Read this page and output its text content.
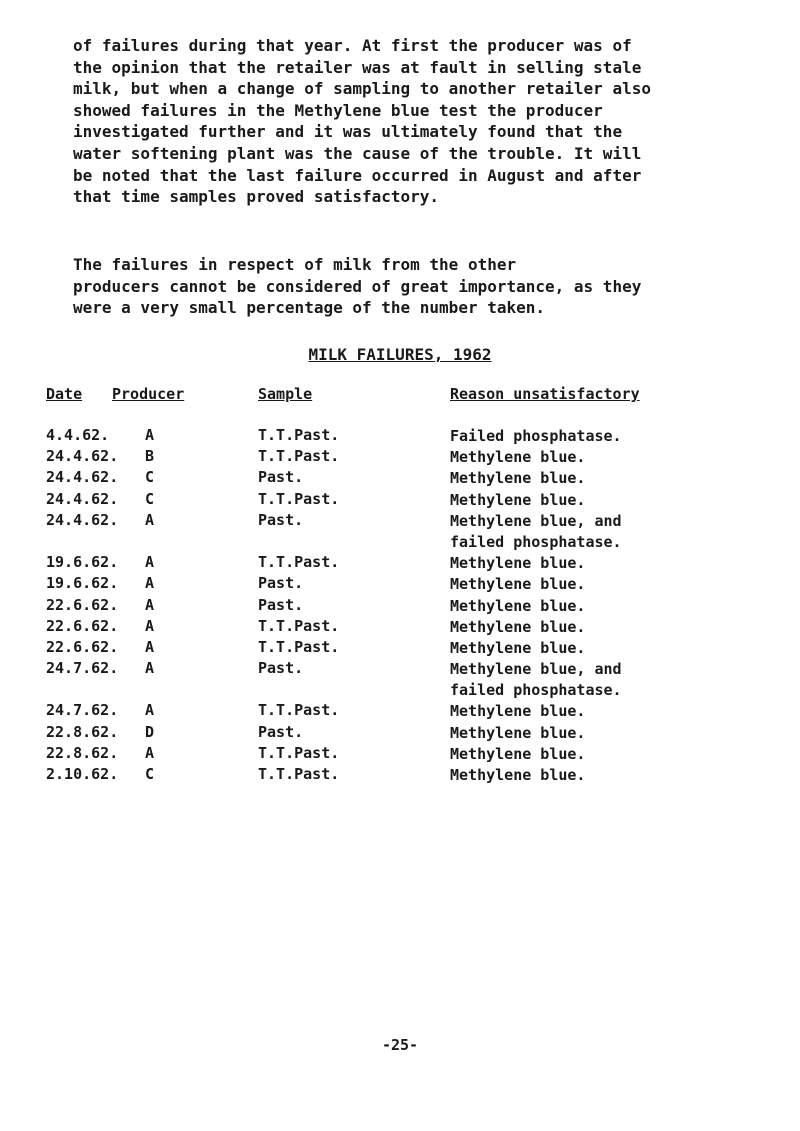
of failures during that year. At first the producer was of
the opinion that the retailer was at fault in selling stale
milk, but when a change of sampling to another retailer also
showed failures in the Methylene blue test the producer
investigated further and it was ultimately found that the
water softening plant was the cause of the trouble. It will
be noted that the last failure occurred in August and after
that time samples proved satisfactory.

The failures in respect of milk from the other
producers cannot be considered of great importance, as they
were a very small percentage of the number taken.

MILK FAILURES, 1962
Date Producer	Sample	Reason unsatisfactory
4.4.62. A	T.T.Past.	Failed phosphatase.
24.4.62. B	T.T.Past.	Methylene blue.
24.4.62. C	Past.	Methylene blue.
24.4.62. C	T.T.Past.	Methylene blue.
24.4.62. A	Past.	Methylene blue, and
failed phosphatase.
19.6.62. A	T.T.Past.	Methylene blue.
19.6.62. A	Past.	Methylene blue.
22.6.62. A	Past.	Methylene blue.
22.6.62. A	T.T.Past.	Methylene blue.
22.6.62. A	T.T.Past.	Methylene blue.
24.7.62. A	Past.	Methylene blue, and
failed phosphatase.
24.7.62. A	T.T.Past.	Methylene blue.
22.8.62. D	Past.	Methylene blue.
22.8.62. A	T.T.Past.	Methylene blue.
2.10.62. C	T.T.Past.	Methylene blue.
-25-
